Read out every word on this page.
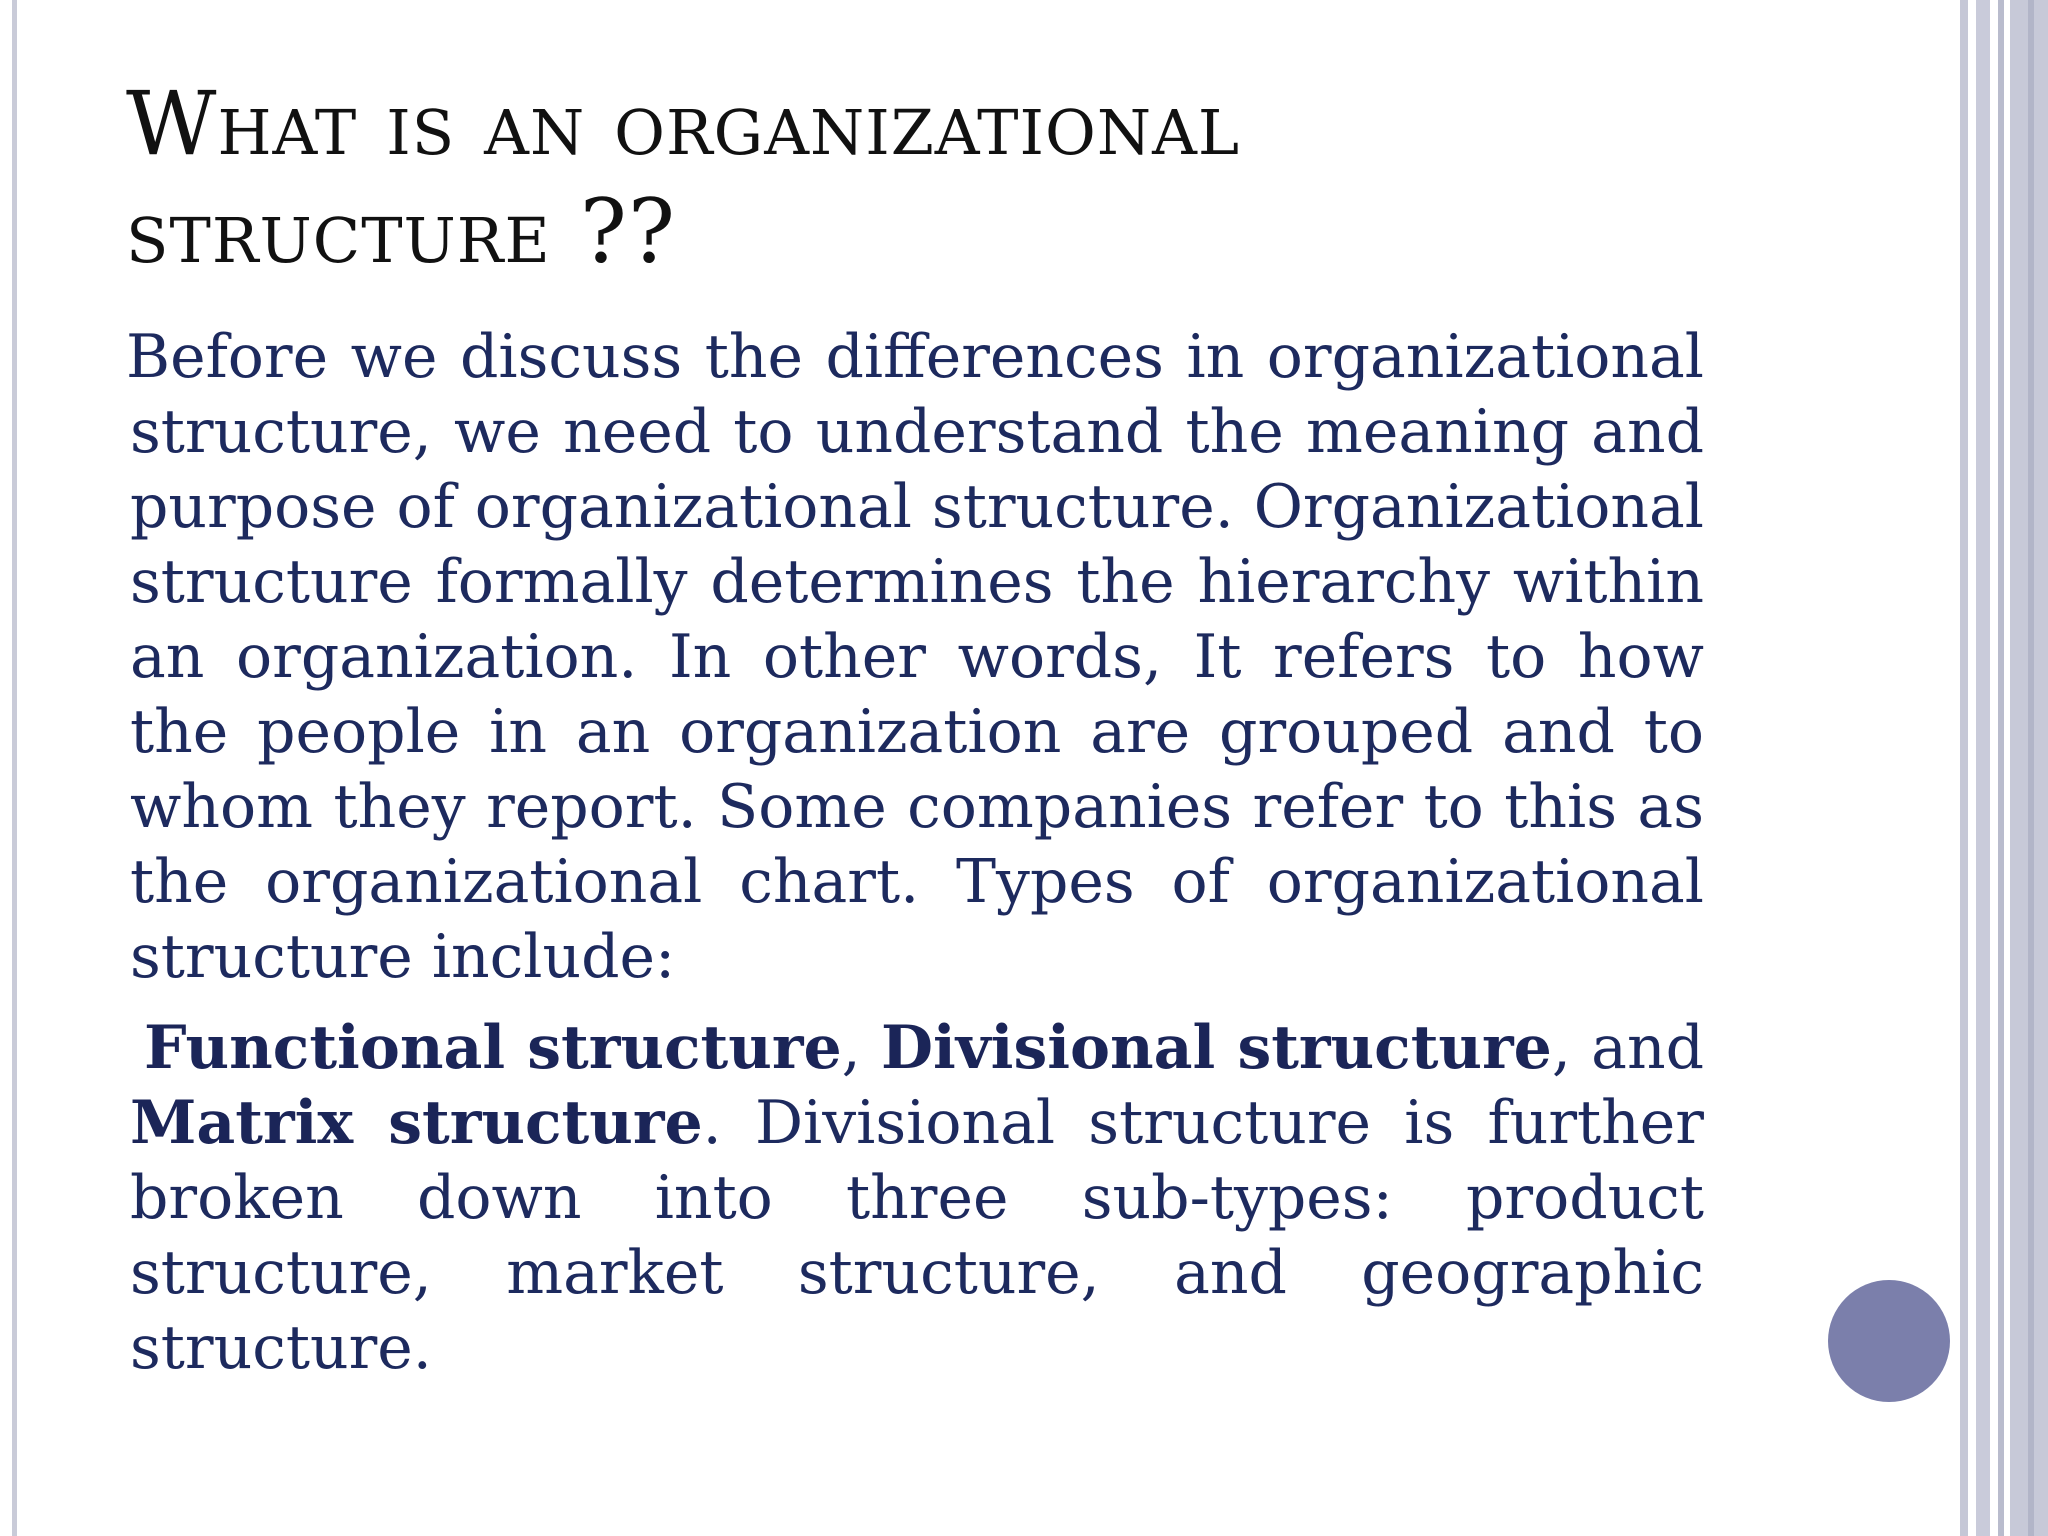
What is an organizational
structure ??

Before we discuss the differences in organizational structure, we need to understand the meaning and purpose of organizational structure. Organizational structure formally determines the hierarchy within an organization. In other words, It refers to how the people in an organization are grouped and to whom they report. Some companies refer to this as the organizational chart. Types of organizational structure include:

Functional structure, Divisional structure, and Matrix structure. Divisional structure is further broken down into three sub-types: product structure, market structure, and geographic structure.
